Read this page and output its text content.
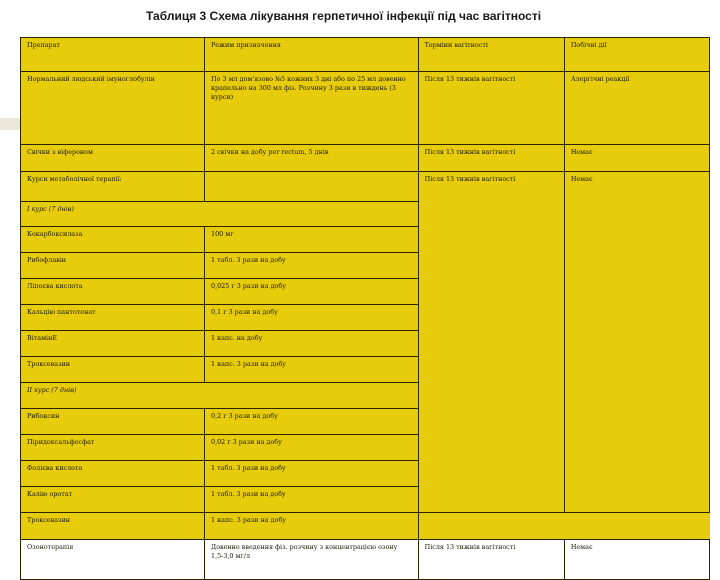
Таблиця 3 Схема лікування герпетичної інфекції під час вагітності
Препарат	Режим призначення	Терміни вагітності	Побічні дії
Нормальний людський імуноглобулін	По 3 мл дом'язово №5 кожних 3 дні або по 25 мл довенно крапельно на 300 мл фіз. Розчину 3 рази в тиждень (3 курси)	Після 13 тижнів вагітності	Алергічні реакції
Свічки з віфероном	2 свічки на добу per rectum, 5 днів	Після 13 тижнів вагітності	Немає
Курси метаболічної терапії:		Після 13 тижнів вагітності	Немає
І курс (7 днів)			
Кокарбоксилаза	100 мг		
Рибофлавін	1 табл. 3 рази на добу		
Ліпоєва кислота	0,025 г 3 рази на добу		
Кальцію пантотенат	0,1 г 3 рази на добу		
ВітамінЕ	1 капс. на добу		
Троксевазин	1 капс. 3 рази на добу		
ІІ курс (7 днів)			
Рибоксин	0,2 г 3 рази на добу		
Піридоксальфосфат	0,02 г 3 рази на добу		
Фолієва кислота	1 табл. 3 рази на добу		
Калію оротат	1 табл. 3 рази на добу		
Троксевазин	1 капс. 3 рази на добу		
Озонотерапія	Довенне введення фіз. розчину з концентрацією озону 1,5-3,0 мг/л	Після 13 тижнів вагітності	Немає
